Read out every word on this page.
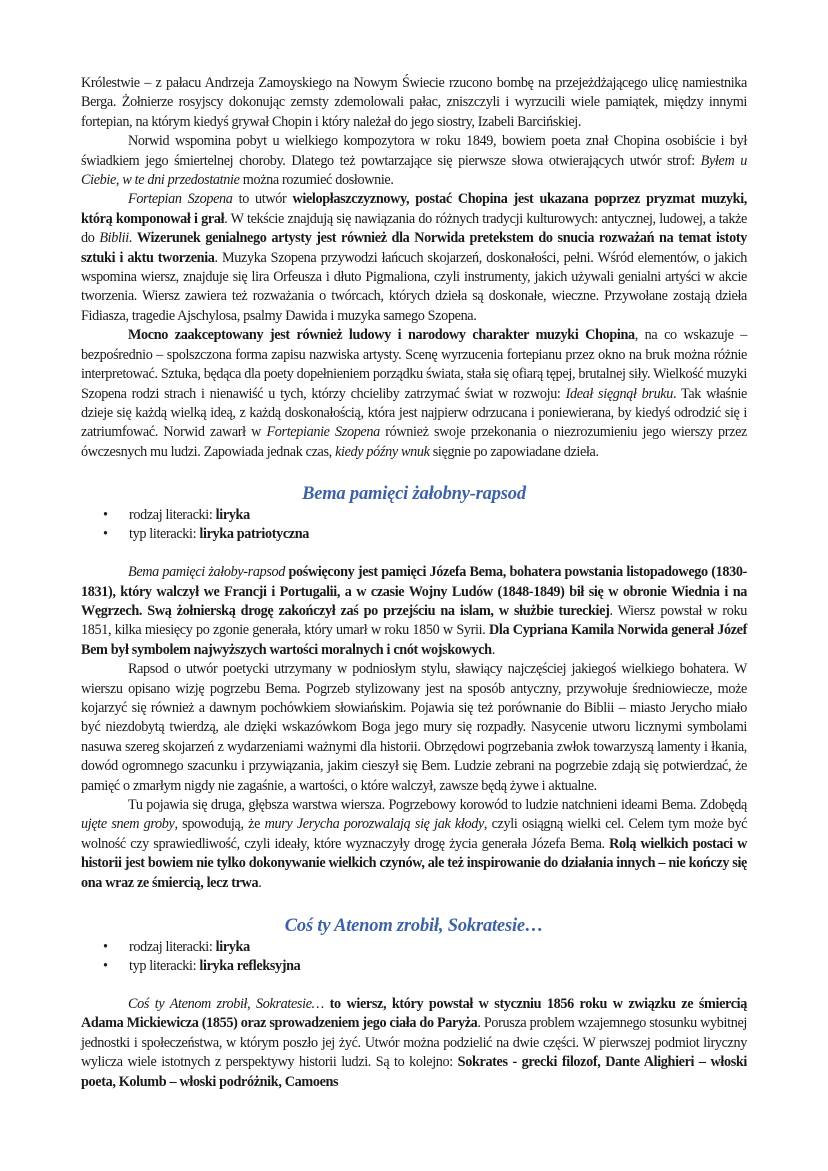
Królestwie – z pałacu Andrzeja Zamoyskiego na Nowym Świecie rzucono bombę na przejeżdżającego ulicę namiestnika Berga. Żołnierze rosyjscy dokonując zemsty zdemolowali pałac, zniszczyli i wyrzucili wiele pamiątek, między innymi fortepian, na którym kiedyś grywał Chopin i który należał do jego siostry, Izabeli Barcińskiej.

Norwid wspomina pobyt u wielkiego kompozytora w roku 1849, bowiem poeta znał Chopina osobiście i był świadkiem jego śmiertelnej choroby. Dlatego też powtarzające się pierwsze słowa otwierających utwór strof: Byłem u Ciebie, w te dni przedostatnie można rozumieć dosłownie.

Fortepian Szopena to utwór wielopłaszczyznowy, postać Chopina jest ukazana poprzez pryzmat muzyki, którą komponował i grał. W tekście znajdują się nawiązania do różnych tradycji kulturowych: antycznej, ludowej, a także do Biblii. Wizerunek genialnego artysty jest również dla Norwida pretekstem do snucia rozważań na temat istoty sztuki i aktu tworzenia. Muzyka Szopena przywodzi łańcuch skojarzeń, doskonałości, pełni. Wśród elementów, o jakich wspomina wiersz, znajduje się lira Orfeusza i dłuto Pigmaliona, czyli instrumenty, jakich używali genialni artyści w akcie tworzenia. Wiersz zawiera też rozważania o twórcach, których dzieła są doskonałe, wieczne. Przywołane zostają dzieła Fidiasza, tragedie Ajschylosa, psalmy Dawida i muzyka samego Szopena.

Mocno zaakceptowany jest również ludowy i narodowy charakter muzyki Chopina, na co wskazuje – bezpośrednio – spolszczona forma zapisu nazwiska artysty. Scenę wyrzucenia fortepianu przez okno na bruk można różnie interpretować. Sztuka, będąca dla poety dopełnieniem porządku świata, stała się ofiarą tępej, brutalnej siły. Wielkość muzyki Szopena rodzi strach i nienawiść u tych, którzy chcieliby zatrzymać świat w rozwoju: Ideał sięgnął bruku. Tak właśnie dzieje się każdą wielką ideą, z każdą doskonałością, która jest najpierw odrzucana i poniewierana, by kiedyś odrodzić się i zatriumfować. Norwid zawarł w Fortepianie Szopena również swoje przekonania o niezrozumieniu jego wierszy przez ówczesnych mu ludzi. Zapowiada jednak czas, kiedy późny wnuk sięgnie po zapowiadane dzieła.

Bema pamięci żałobny-rapsod
• rodzaj literacki: liryka
• typ literacki: liryka patriotyczna

Bema pamięci żałoby-rapsod poświęcony jest pamięci Józefa Bema, bohatera powstania listopadowego (1830-1831), który walczył we Francji i Portugalii, a w czasie Wojny Ludów (1848-1849) bił się w obronie Wiednia i na Węgrzech. Swą żołnierską drogę zakończył zaś po przejściu na islam, w służbie tureckiej. Wiersz powstał w roku 1851, kilka miesięcy po zgonie generała, który umarł w roku 1850 w Syrii. Dla Cypriana Kamila Norwida generał Józef Bem był symbolem najwyższych wartości moralnych i cnót wojskowych.

Rapsod o utwór poetycki utrzymany w podniosłym stylu, sławiący najczęściej jakiegoś wielkiego bohatera. W wierszu opisano wizję pogrzebu Bema. Pogrzeb stylizowany jest na sposób antyczny, przywołuje średniowiecze, może kojarzyć się również a dawnym pochówkiem słowiańskim. Pojawia się też porównanie do Biblii – miasto Jerycho miało być niezdobytą twierdzą, ale dzięki wskazówkom Boga jego mury się rozpadły. Nasycenie utworu licznymi symbolami nasuwa szereg skojarzeń z wydarzeniami ważnymi dla historii. Obrzędowi pogrzebania zwłok towarzyszą lamenty i łkania, dowód ogromnego szacunku i przywiązania, jakim cieszył się Bem. Ludzie zebrani na pogrzebie zdają się potwierdzać, że pamięć o zmarłym nigdy nie zagaśnie, a wartości, o które walczył, zawsze będą żywe i aktualne.

Tu pojawia się druga, głębsza warstwa wiersza. Pogrzebowy korowód to ludzie natchnieni ideami Bema. Zdobędą ujęte snem groby, spowodują, że mury Jerycha porozwalają się jak kłody, czyli osiągną wielki cel. Celem tym może być wolność czy sprawiedliwość, czyli ideały, które wyznaczyły drogę życia generała Józefa Bema. Rolą wielkich postaci w historii jest bowiem nie tylko dokonywanie wielkich czynów, ale też inspirowanie do działania innych – nie kończy się ona wraz ze śmiercią, lecz trwa.

Coś ty Atenom zrobił, Sokratesie…
• rodzaj literacki: liryka
• typ literacki: liryka refleksyjna

Coś ty Atenom zrobił, Sokratesie… to wiersz, który powstał w styczniu 1856 roku w związku ze śmiercią Adama Mickiewicza (1855) oraz sprowadzeniem jego ciała do Paryża. Porusza problem wzajemnego stosunku wybitnej jednostki i społeczeństwa, w którym poszło jej żyć. Utwór można podzielić na dwie części. W pierwszej podmiot liryczny wylicza wiele istotnych z perspektywy historii ludzi. Są to kolejno: Sokrates - grecki filozof, Dante Alighieri – włoski poeta, Kolumb – włoski podróżnik, Camoens
